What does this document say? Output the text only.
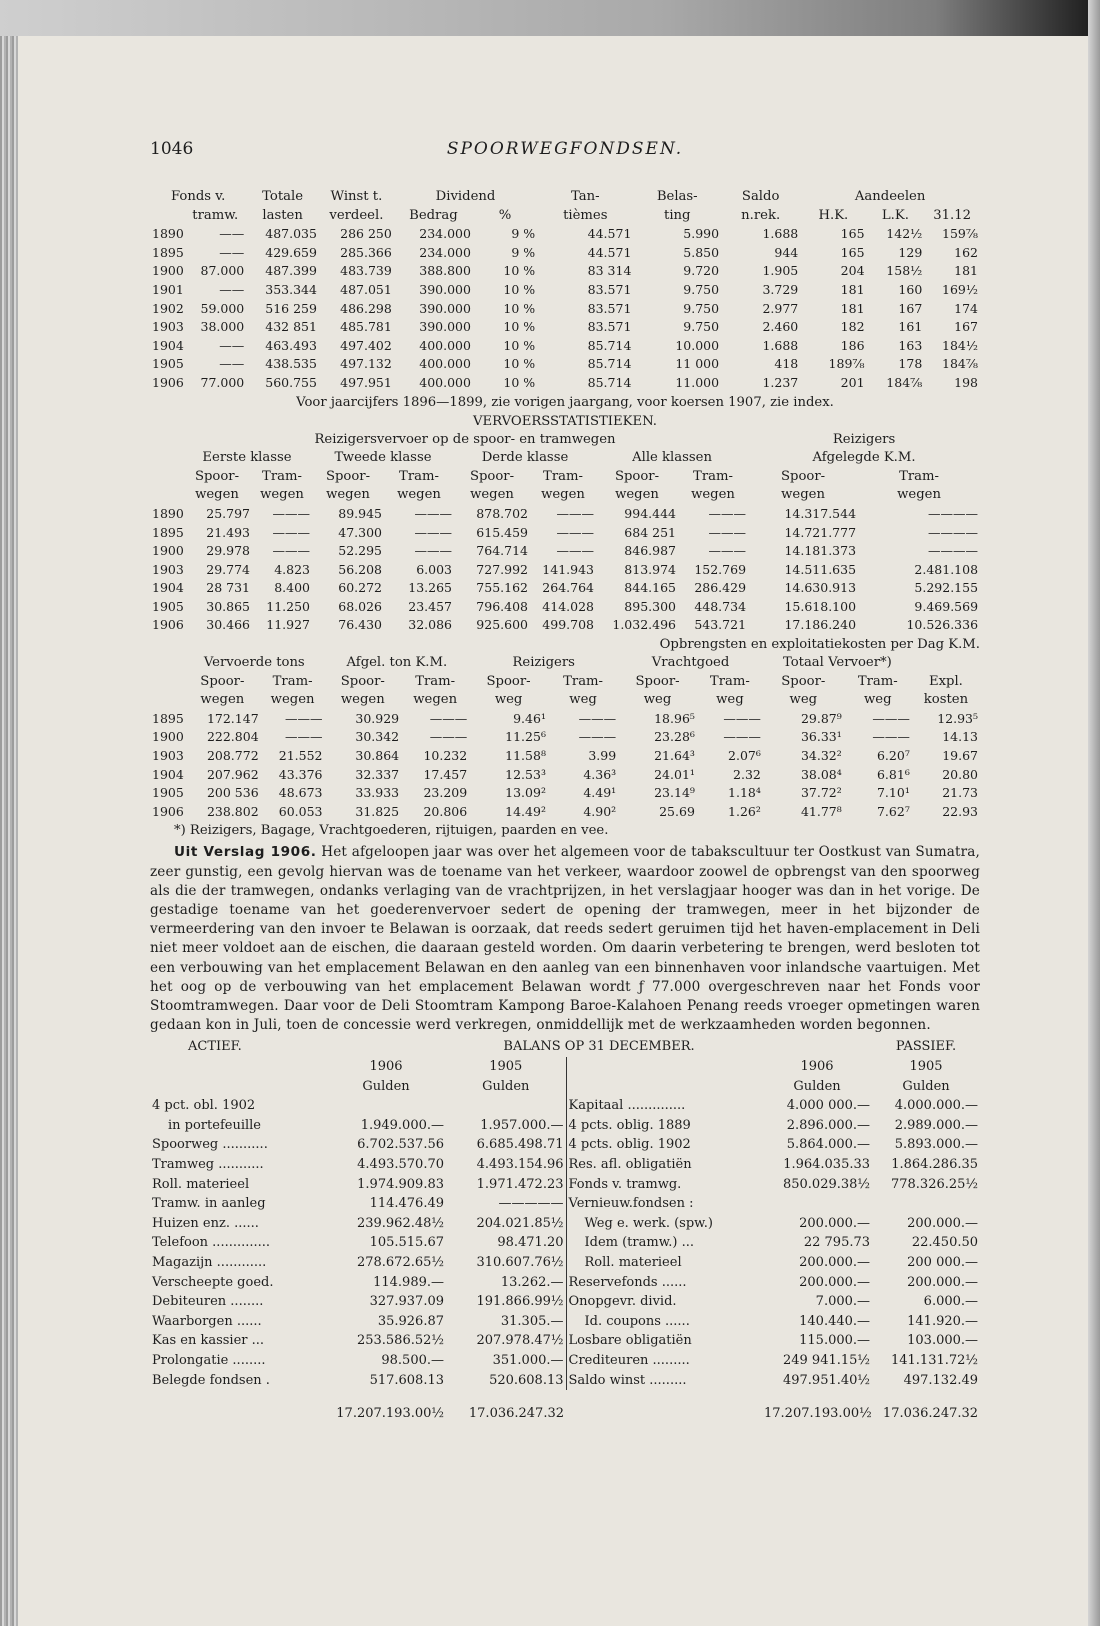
1046	SPOORWEGFONDSEN.
Fonds v.		Totale	Winst t.	Dividend		Tan-	Belas-	Saldo	Aandeelen		
	tramw.	lasten	verdeel.	Bedrag	%	tièmes	ting	n.rek.	H.K.	L.K.	31.12
1890	——	487.035	286 250	234.000	9 %	44.571	5.990	1.688	165	142½	159⅞
1895	——	429.659	285.366	234.000	9 %	44.571	5.850	944	165	129	162
1900	87.000	487.399	483.739	388.800	10 %	83 314	9.720	1.905	204	158½	181
1901	——	353.344	487.051	390.000	10 %	83.571	9.750	3.729	181	160	169½
1902	59.000	516 259	486.298	390.000	10 %	83.571	9.750	2.977	181	167	174
1903	38.000	432 851	485.781	390.000	10 %	83.571	9.750	2.460	182	161	167
1904	——	463.493	497.402	400.000	10 %	85.714	10.000	1.688	186	163	184½
1905	——	438.535	497.132	400.000	10 %	85.714	11 000	418	189⅞	178	184⅞
1906	77.000	560.755	497.951	400.000	10 %	85.714	11.000	1.237	201	184⅞	198
Voor jaarcijfers 1896—1899, zie vorigen jaargang, voor koersen 1907, zie index.
VERVOERSSTATISTIEKEN.
	Reizigersvervoer op de spoor- en tramwegen								Reizigers	
	Eerste klasse		Tweede klasse		Derde klasse		Alle klassen		Afgelegde K.M.	
	Spoor-	Tram-	Spoor-	Tram-	Spoor-	Tram-	Spoor-	Tram-	Spoor-	Tram-
	wegen	wegen	wegen	wegen	wegen	wegen	wegen	wegen	wegen	wegen
1890	25.797	———	89.945	———	878.702	———	994.444	———	14.317.544	————
1895	21.493	———	47.300	———	615.459	———	684 251	———	14.721.777	————
1900	29.978	———	52.295	———	764.714	———	846.987	———	14.181.373	————
1903	29.774	4.823	56.208	6.003	727.992	141.943	813.974	152.769	14.511.635	2.481.108
1904	28 731	8.400	60.272	13.265	755.162	264.764	844.165	286.429	14.630.913	5.292.155
1905	30.865	11.250	68.026	23.457	796.408	414.028	895.300	448.734	15.618.100	9.469.569
1906	30.466	11.927	76.430	32.086	925.600	499.708	1.032.496	543.721	17.186.240	10.526.336
Opbrengsten en exploitatiekosten per Dag K.M.
	Vervoerde tons		Afgel. ton K.M.		Reizigers		Vrachtgoed		Totaal Vervoer*)		
	Spoor-	Tram-	Spoor-	Tram-	Spoor-	Tram-	Spoor-	Tram-	Spoor-	Tram-	Expl.
	wegen	wegen	wegen	wegen	weg	weg	weg	weg	weg	weg	kosten
1895	172.147	———	30.929	———	9.46¹	———	18.96⁵	———	29.87⁹	———	12.93⁵
1900	222.804	———	30.342	———	11.25⁶	———	23.28⁶	———	36.33¹	———	14.13
1903	208.772	21.552	30.864	10.232	11.58⁸	3.99	21.64³	2.07⁶	34.32²	6.20⁷	19.67
1904	207.962	43.376	32.337	17.457	12.53³	4.36³	24.01¹	2.32	38.08⁴	6.81⁶	20.80
1905	200 536	48.673	33.933	23.209	13.09²	4.49¹	23.14⁹	1.18⁴	37.72²	7.10¹	21.73
1906	238.802	60.053	31.825	20.806	14.49²	4.90²	25.69	1.26²	41.77⁸	7.62⁷	22.93
*) Reizigers, Bagage, Vrachtgoederen, rijtuigen, paarden en vee.
Uit Verslag 1906. Het afgeloopen jaar was over het algemeen voor de tabakscultuur ter Oostkust van Sumatra, zeer gunstig, een gevolg hiervan was de toename van het verkeer, waardoor zoowel de opbrengst van den spoorweg als die der tramwegen, ondanks verlaging van de vrachtprijzen, in het verslagjaar hooger was dan in het vorige. De gestadige toename van het goederenvervoer sedert de opening der tramwegen, meer in het bijzonder de vermeerdering van den invoer te Belawan is oorzaak, dat reeds sedert geruimen tijd het haven-emplacement in Deli niet meer voldoet aan de eischen, die daaraan gesteld worden. Om daarin verbetering te brengen, werd besloten tot een verbouwing van het emplacement Belawan en den aanleg van een binnenhaven voor inlandsche vaartuigen. Met het oog op de verbouwing van het emplacement Belawan wordt ƒ 77.000 overgeschreven naar het Fonds voor Stoomtramwegen. Daar voor de Deli Stoomtram Kampong Baroe-Kalahoen Penang reeds vroeger opmetingen waren gedaan kon in Juli, toen de concessie werd verkregen, onmiddellijk met de werkzaamheden worden begonnen.
ACTIEF.	BALANS OP 31 DECEMBER.				PASSIEF.
	1906	1905		1906	1905
	Gulden	Gulden		Gulden	Gulden
4 pct. obl. 1902			Kapitaal ..............	4.000 000.—	4.000.000.—
in portefeuille	1.949.000.—	1.957.000.—	4 pcts. oblig. 1889	2.896.000.—	2.989.000.—
Spoorweg ...........	6.702.537.56	6.685.498.71	4 pcts. oblig. 1902	5.864.000.—	5.893.000.—
Tramweg ...........	4.493.570.70	4.493.154.96	Res. afl. obligatiën	1.964.035.33	1.864.286.35
Roll. materieel	1.974.909.83	1.971.472.23	Fonds v. tramwg.	850.029.38½	778.326.25½
Tramw. in aanleg	114.476.49	—————	Vernieuw.fondsen :		
Huizen enz. ......	239.962.48½	204.021.85½	Weg e. werk. (spw.)	200.000.—	200.000.—
Telefoon ..............	105.515.67	98.471.20	Idem (tramw.) ...	22 795.73	22.450.50
Magazijn ............	278.672.65½	310.607.76½	Roll. materieel	200.000.—	200 000.—
Verscheepte goed.	114.989.—	13.262.—	Reservefonds ......	200.000.—	200.000.—
Debiteuren ........	327.937.09	191.866.99½	Onopgevr. divid.	7.000.—	6.000.—
Waarborgen ......	35.926.87	31.305.—	Id. coupons ......	140.440.—	141.920.—
Kas en kassier ...	253.586.52½	207.978.47½	Losbare obligatiën	115.000.—	103.000.—
Prolongatie ........	98.500.—	351.000.—	Crediteuren .........	249 941.15½	141.131.72½
Belegde fondsen .	517.608.13	520.608.13	Saldo winst .........	497.951.40½	497.132.49
	17.207.193.00½	17.036.247.32		17.207.193.00½	17.036.247.32
